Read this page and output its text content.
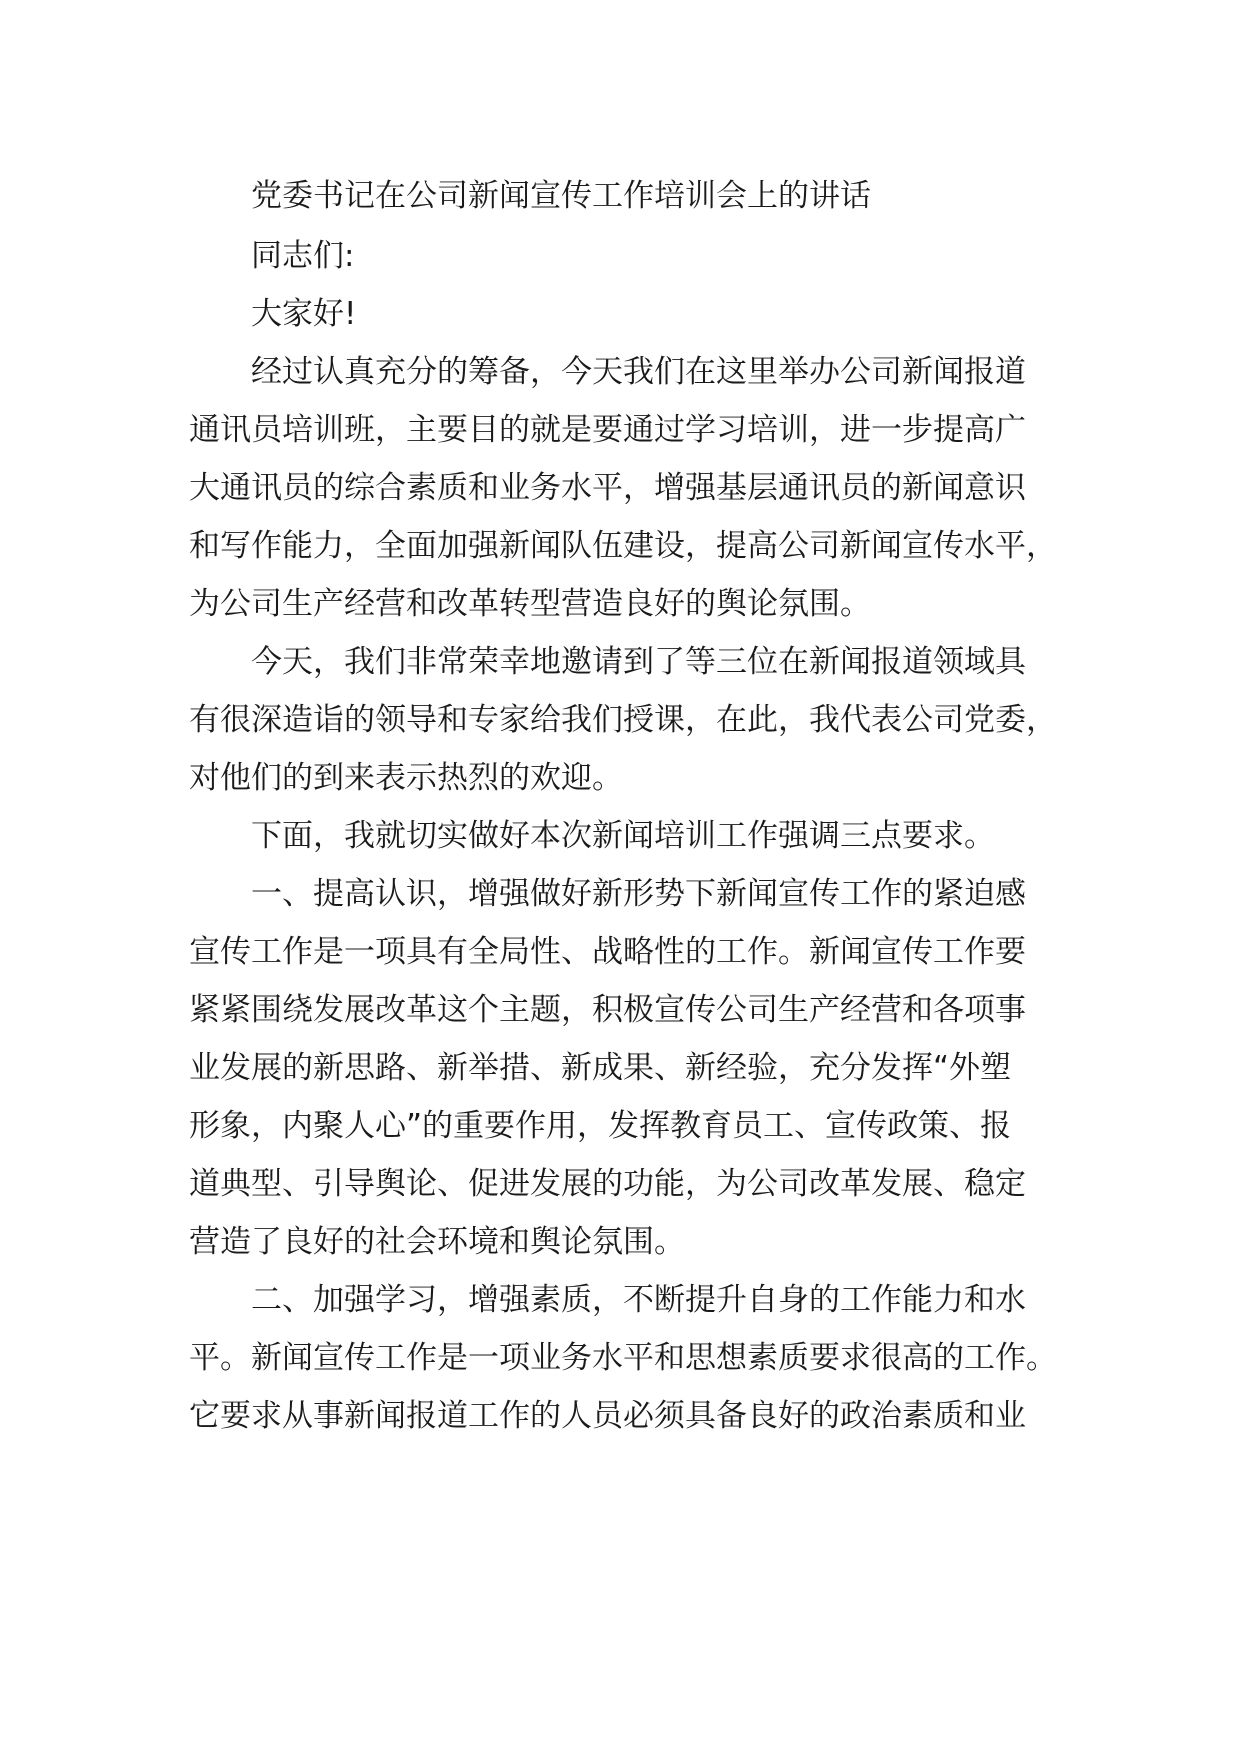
党委书记在公司新闻宣传工作培训会上的讲话
同志们:
大家好!
经过认真充分的筹备，今天我们在这里举办公司新闻报道
通讯员培训班，主要目的就是要通过学习培训，进一步提高广
大通讯员的综合素质和业务水平，增强基层通讯员的新闻意识
和写作能力，全面加强新闻队伍建设，提高公司新闻宣传水平，
为公司生产经营和改革转型营造良好的舆论氛围。
今天，我们非常荣幸地邀请到了等三位在新闻报道领域具
有很深造诣的领导和专家给我们授课，在此，我代表公司党委，
对他们的到来表示热烈的欢迎。
下面，我就切实做好本次新闻培训工作强调三点要求。
一、提高认识，增强做好新形势下新闻宣传工作的紧迫感
宣传工作是一项具有全局性、战略性的工作。新闻宣传工作要
紧紧围绕发展改革这个主题，积极宣传公司生产经营和各项事
业发展的新思路、新举措、新成果、新经验，充分发挥“外塑
形象，内聚人心”的重要作用，发挥教育员工、宣传政策、报
道典型、引导舆论、促进发展的功能，为公司改革发展、稳定
营造了良好的社会环境和舆论氛围。
二、加强学习，增强素质，不断提升自身的工作能力和水
平。新闻宣传工作是一项业务水平和思想素质要求很高的工作。
它要求从事新闻报道工作的人员必须具备良好的政治素质和业
